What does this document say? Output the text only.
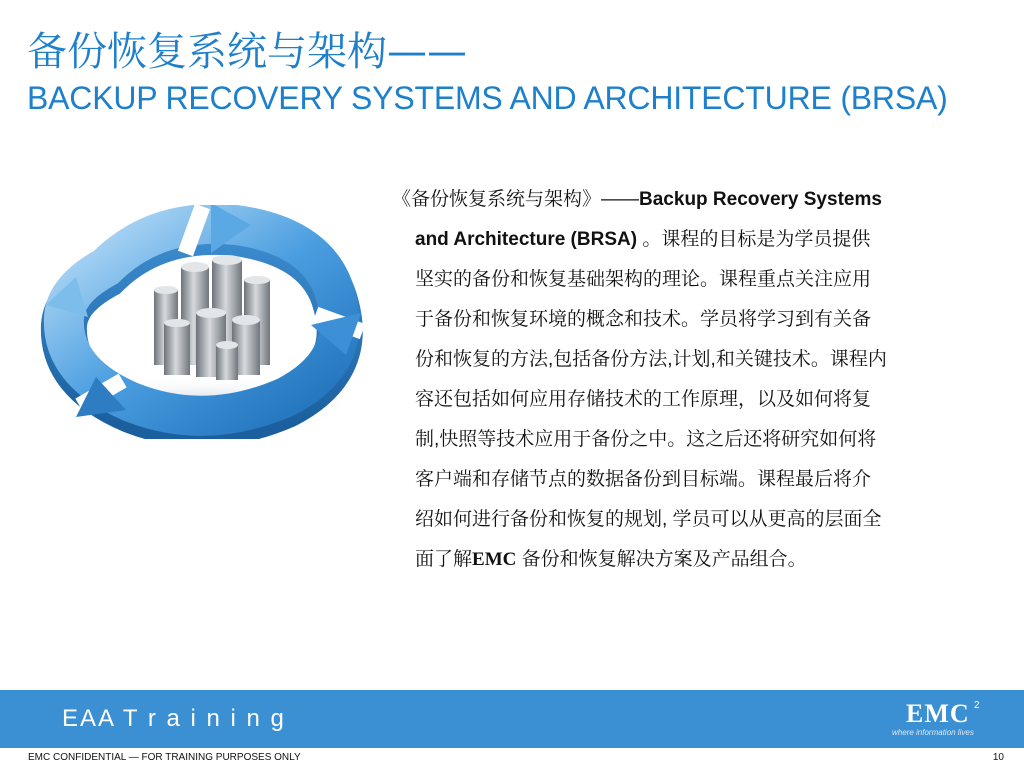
备份恢复系统与架构——
BACKUP RECOVERY SYSTEMS AND ARCHITECTURE (BRSA)
《备份恢复系统与架构》——Backup Recovery Systems
and Architecture (BRSA) 。课程的目标是为学员提供
坚实的备份和恢复基础架构的理论。课程重点关注应用
于备份和恢复环境的概念和技术。学员将学习到有关备
份和恢复的方法,包括备份方法,计划,和关键技术。课程内
容还包括如何应用存储技术的工作原理，以及如何将复
制,快照等技术应用于备份之中。这之后还将研究如何将
客户端和存储节点的数据备份到目标端。课程最后将介
绍如何进行备份和恢复的规划, 学员可以从更高的层面全
面了解EMC 备份和恢复解决方案及产品组合。
EAA T r a i n i n g	EMC 2
where information lives
EMC CONFIDENTIAL — FOR TRAINING PURPOSES ONLY	10
